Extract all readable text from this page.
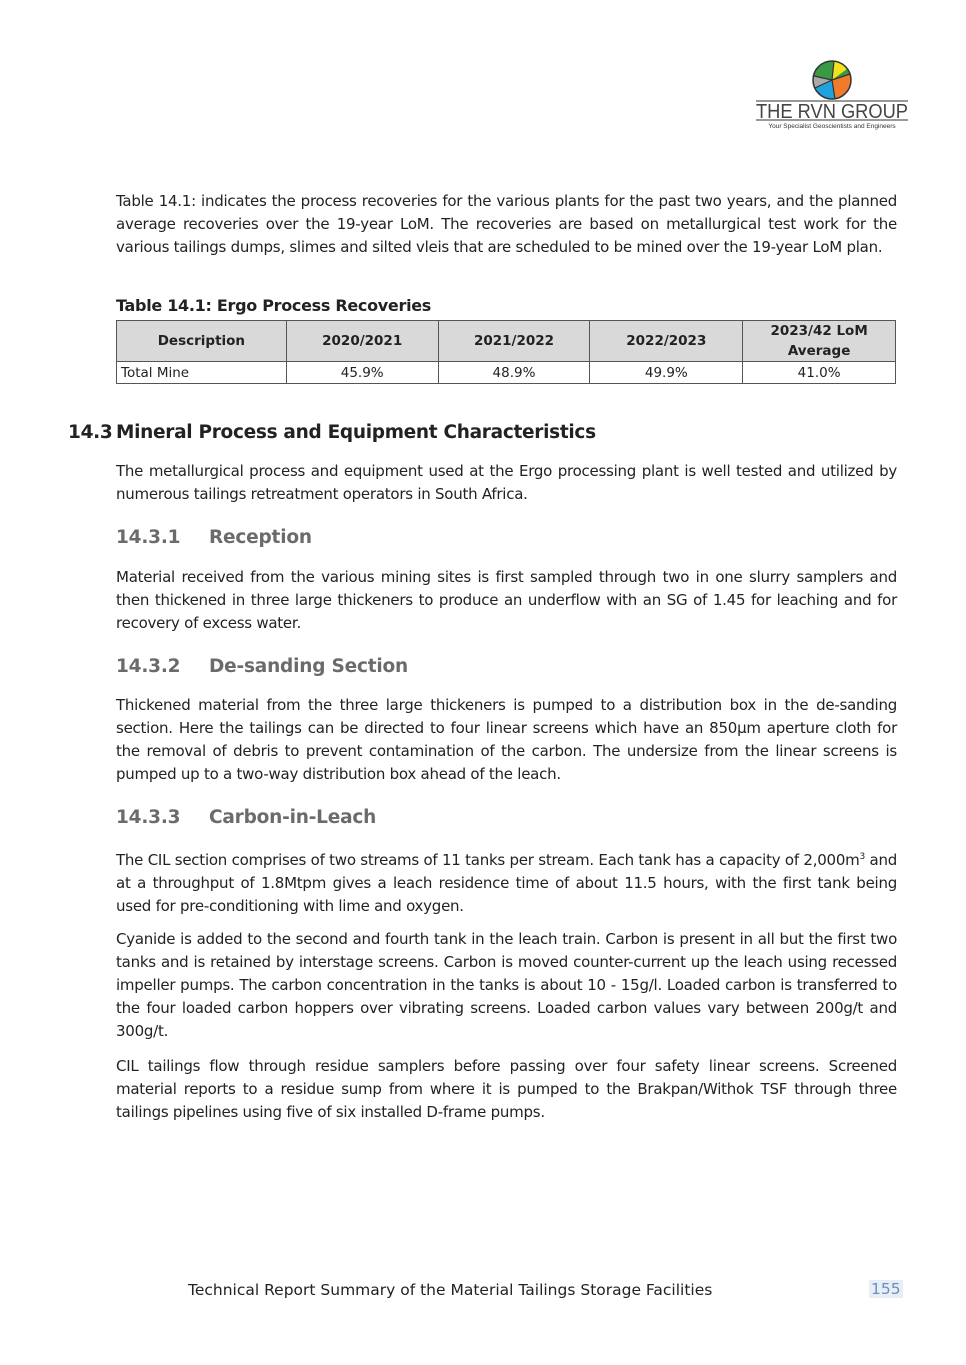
THE RVN GROUP
Your Specialist Geoscientists and Engineers

Table 14.1: indicates the process recoveries for the various plants for the past two years, and the planned average recoveries over the 19-year LoM. The recoveries are based on metallurgical test work for the various tailings dumps, slimes and silted vleis that are scheduled to be mined over the 19-year LoM plan.

Table 14.1: Ergo Process Recoveries
Description	2020/2021	2021/2022	2022/2023	2023/42 LoM Average
Total Mine	45.9%	48.9%	49.9%	41.0%
14.3 Mineral Process and Equipment Characteristics

The metallurgical process and equipment used at the Ergo processing plant is well tested and utilized by numerous tailings retreatment operators in South Africa.

14.3.1 Reception

Material received from the various mining sites is first sampled through two in one slurry samplers and then thickened in three large thickeners to produce an underflow with an SG of 1.45 for leaching and for recovery of excess water.

14.3.2 De-sanding Section

Thickened material from the three large thickeners is pumped to a distribution box in the de-sanding section. Here the tailings can be directed to four linear screens which have an 850µm aperture cloth for the removal of debris to prevent contamination of the carbon. The undersize from the linear screens is pumped up to a two-way distribution box ahead of the leach.

14.3.3 Carbon-in-Leach

The CIL section comprises of two streams of 11 tanks per stream. Each tank has a capacity of $2,000m^3$ and at a throughput of 1.8Mtpm gives a leach residence time of about 11.5 hours, with the first tank being used for pre-conditioning with lime and oxygen.

Cyanide is added to the second and fourth tank in the leach train. Carbon is present in all but the first two tanks and is retained by interstage screens. Carbon is moved counter-current up the leach using recessed impeller pumps. The carbon concentration in the tanks is about 10 - 15g/l. Loaded carbon is transferred to the four loaded carbon hoppers over vibrating screens. Loaded carbon values vary between 200g/t and 300g/t.

CIL tailings flow through residue samplers before passing over four safety linear screens. Screened material reports to a residue sump from where it is pumped to the Brakpan/Withok TSF through three tailings pipelines using five of six installed D-frame pumps.

Technical Report Summary of the Material Tailings Storage Facilities	155
